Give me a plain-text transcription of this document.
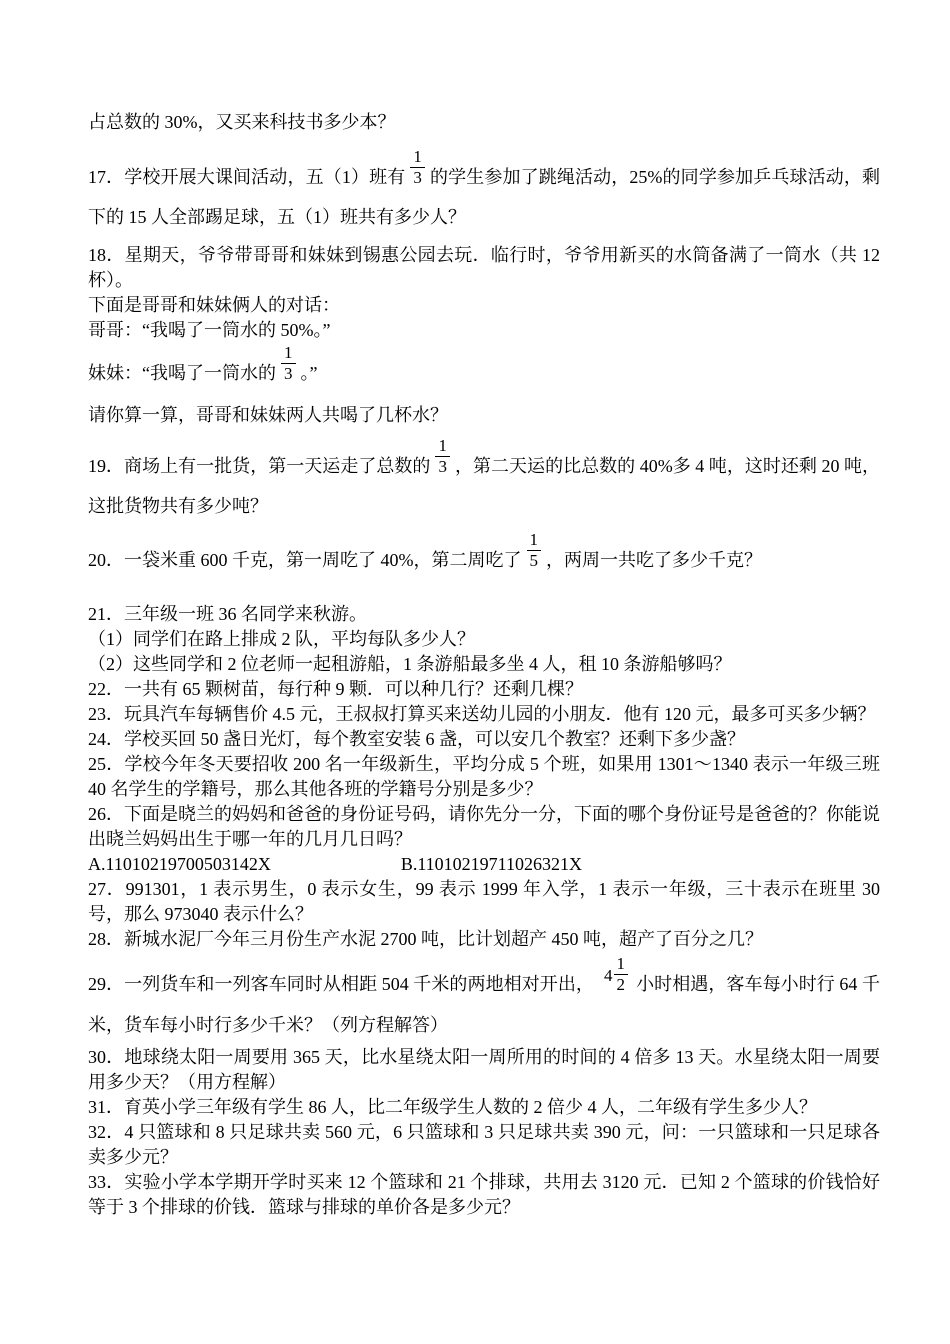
占总数的 30%，又买来科技书多少本？

17．学校开展大课间活动，五（1）班有 $\frac{1}{3}$ 的学生参加了跳绳活动，25%的同学参加乒乓球活动，剩下的 15 人全部踢足球，五（1）班共有多少人？

18．星期天，爷爷带哥哥和妹妹到锡惠公园去玩．临行时，爷爷用新买的水筒备满了一筒水（共 12 杯）。
下面是哥哥和妹妹俩人的对话：
哥哥：“我喝了一筒水的 50%。”
妹妹：“我喝了一筒水的 $\frac{1}{3}$ 。”

请你算一算，哥哥和妹妹两人共喝了几杯水？

19．商场上有一批货，第一天运走了总数的 $\frac{1}{3}$ ，第二天运的比总数的 40%多 4 吨，这时还剩 20 吨，这批货物共有多少吨？

20．一袋米重 600 千克，第一周吃了 40%，第二周吃了 $\frac{1}{5}$ ，两周一共吃了多少千克？

21．三年级一班 36 名同学来秋游。
（1）同学们在路上排成 2 队，平均每队多少人？
（2）这些同学和 2 位老师一起租游船，1 条游船最多坐 4 人，租 10 条游船够吗？

22．一共有 65 颗树苗，每行种 9 颗．可以种几行？还剩几棵？

23．玩具汽车每辆售价 4.5 元，王叔叔打算买来送幼儿园的小朋友．他有 120 元，最多可买多少辆？

24．学校买回 50 盏日光灯，每个教室安装 6 盏，可以安几个教室？还剩下多少盏？

25．学校今年冬天要招收 200 名一年级新生，平均分成 5 个班，如果用 1301～1340 表示一年级三班 40 名学生的学籍号，那么其他各班的学籍号分别是多少？

26．下面是晓兰的妈妈和爸爸的身份证号码，请你先分一分，下面的哪个身份证号是爸爸的？你能说出晓兰妈妈出生于哪一年的几月几日吗？
A.11010219700503142X	B.11010219711026321X

27．991301，1 表示男生，0 表示女生，99 表示 1999 年入学，1 表示一年级，三十表示在班里 30 号，那么 973040 表示什么？

28．新城水泥厂今年三月份生产水泥 2700 吨，比计划超产 450 吨，超产了百分之几？

29．一列货车和一列客车同时从相距 504 千米的两地相对开出， $4 \frac{1}{2}$ 小时相遇，客车每小时行 64 千米，货车每小时行多少千米？（列方程解答）

30．地球绕太阳一周要用 365 天，比水星绕太阳一周所用的时间的 4 倍多 13 天。水星绕太阳一周要用多少天？（用方程解）

31．育英小学三年级有学生 86 人，比二年级学生人数的 2 倍少 4 人，二年级有学生多少人？

32．4 只篮球和 8 只足球共卖 560 元，6 只篮球和 3 只足球共卖 390 元，问：一只篮球和一只足球各卖多少元？

33．实验小学本学期开学时买来 12 个篮球和 21 个排球，共用去 3120 元．已知 2 个篮球的价钱恰好等于 3 个排球的价钱．篮球与排球的单价各是多少元？
